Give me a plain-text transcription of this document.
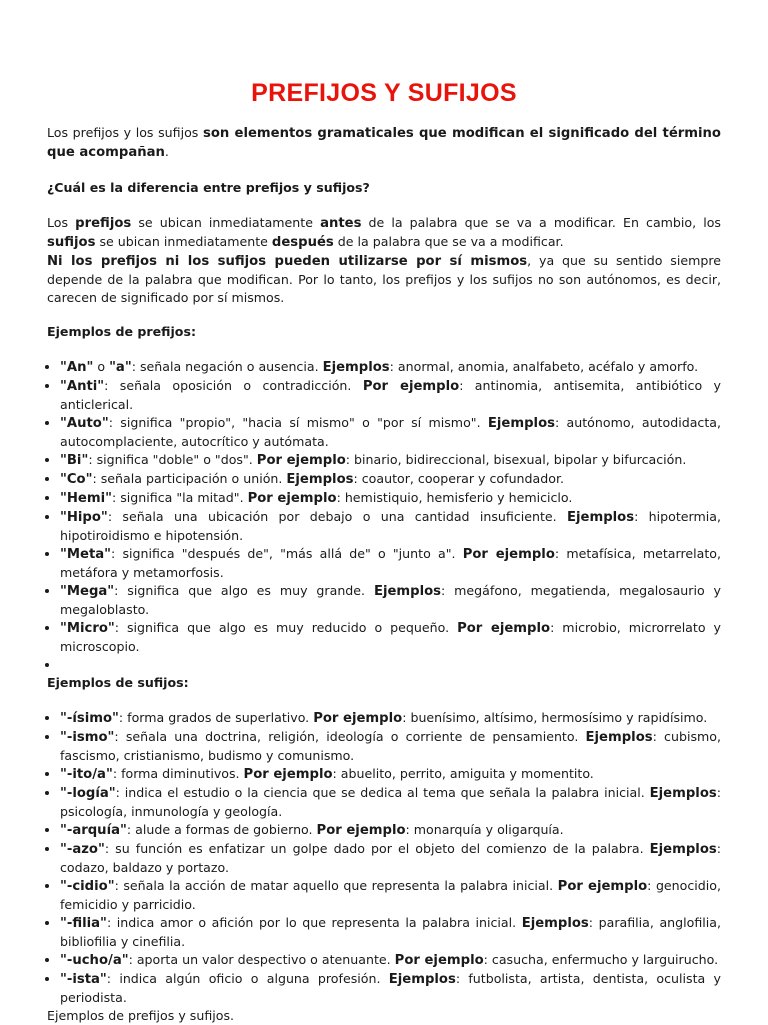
PREFIJOS Y SUFIJOS

Los prefijos y los sufijos son elementos gramaticales que modifican el significado del término que acompañan.

¿Cuál es la diferencia entre prefijos y sufijos?

Los prefijos se ubican inmediatamente antes de la palabra que se va a modificar. En cambio, los sufijos se ubican inmediatamente después de la palabra que se va a modificar.
Ni los prefijos ni los sufijos pueden utilizarse por sí mismos, ya que su sentido siempre depende de la palabra que modifican. Por lo tanto, los prefijos y los sufijos no son autónomos, es decir, carecen de significado por sí mismos.

Ejemplos de prefijos:

• "An" o "a": señala negación o ausencia. Ejemplos: anormal, anomia, analfabeto, acéfalo y amorfo.
• "Anti": señala oposición o contradicción. Por ejemplo: antinomia, antisemita, antibiótico y anticlerical.
• "Auto": significa "propio", "hacia sí mismo" o "por sí mismo". Ejemplos: autónomo, autodidacta, autocomplaciente, autocrítico y autómata.
• "Bi": significa "doble" o "dos". Por ejemplo: binario, bidireccional, bisexual, bipolar y bifurcación.
• "Co": señala participación o unión. Ejemplos: coautor, cooperar y cofundador.
• "Hemi": significa "la mitad". Por ejemplo: hemistiquio, hemisferio y hemiciclo.
• "Hipo": señala una ubicación por debajo o una cantidad insuficiente. Ejemplos: hipotermia, hipotiroidismo e hipotensión.
• "Meta": significa "después de", "más allá de" o "junto a". Por ejemplo: metafísica, metarrelato, metáfora y metamorfosis.
• "Mega": significa que algo es muy grande. Ejemplos: megáfono, megatienda, megalosaurio y megaloblasto.
• "Micro": significa que algo es muy reducido o pequeño. Por ejemplo: microbio, microrrelato y microscopio.
•

Ejemplos de sufijos:

• "-ísimo": forma grados de superlativo. Por ejemplo: buenísimo, altísimo, hermosísimo y rapidísimo.
• "-ismo": señala una doctrina, religión, ideología o corriente de pensamiento. Ejemplos: cubismo, fascismo, cristianismo, budismo y comunismo.
• "-ito/a": forma diminutivos. Por ejemplo: abuelito, perrito, amiguita y momentito.
• "-logía": indica el estudio o la ciencia que se dedica al tema que señala la palabra inicial. Ejemplos: psicología, inmunología y geología.
• "-arquía": alude a formas de gobierno. Por ejemplo: monarquía y oligarquía.
• "-azo": su función es enfatizar un golpe dado por el objeto del comienzo de la palabra. Ejemplos: codazo, baldazo y portazo.
• "-cidio": señala la acción de matar aquello que representa la palabra inicial. Por ejemplo: genocidio, femicidio y parricidio.
• "-filia": indica amor o afición por lo que representa la palabra inicial. Ejemplos: parafilia, anglofilia, bibliofilia y cinefilia.
• "-ucho/a": aporta un valor despectivo o atenuante. Por ejemplo: casucha, enfermucho y larguirucho.
• "-ista": indica algún oficio o alguna profesión. Ejemplos: futbolista, artista, dentista, oculista y periodista.

Ejemplos de prefijos y sufijos.
